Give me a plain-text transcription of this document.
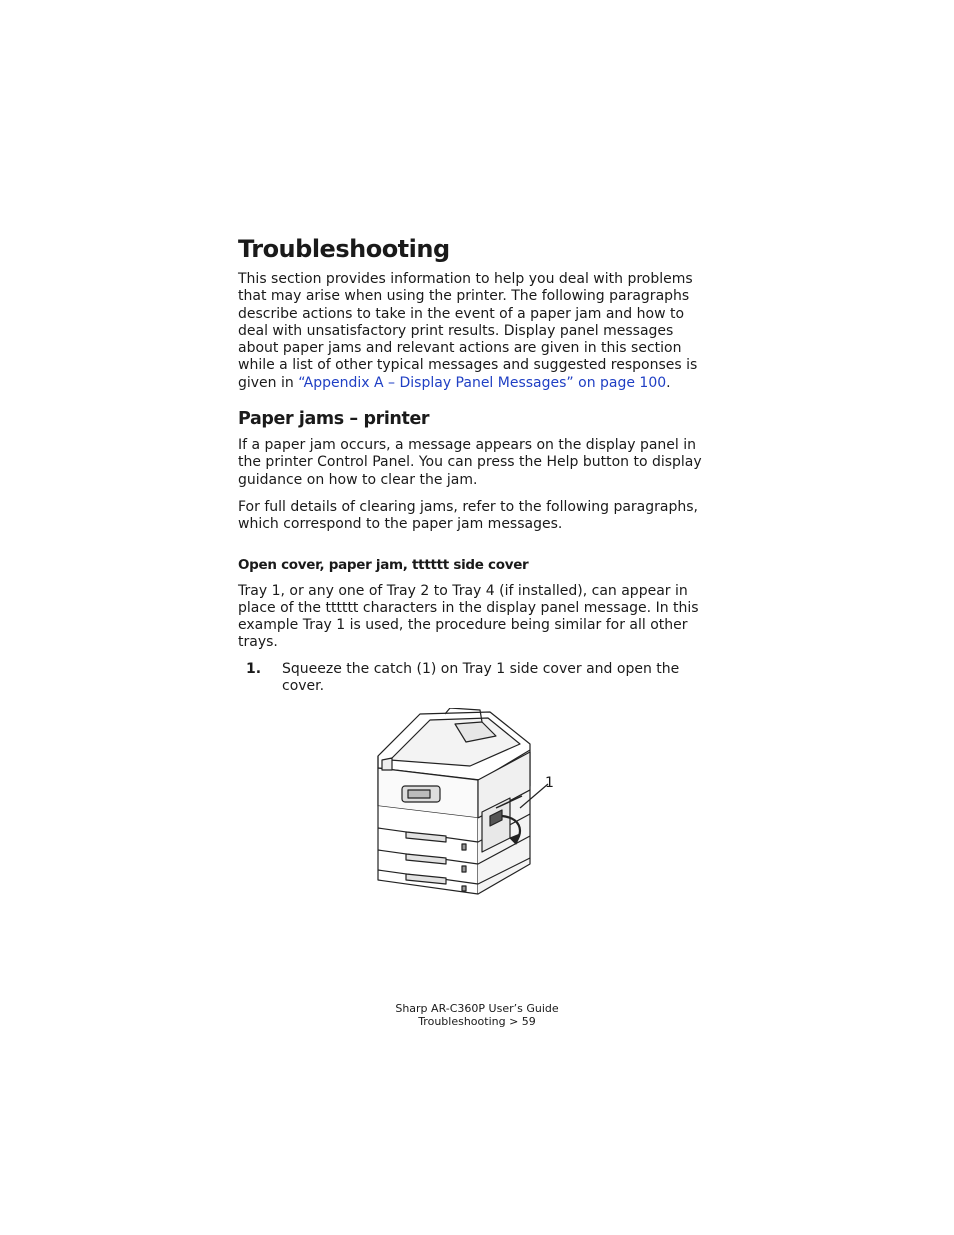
Troubleshooting

This section provides information to help you deal with problems that may arise when using the printer. The following paragraphs describe actions to take in the event of a paper jam and how to deal with unsatisfactory print results. Display panel messages about paper jams and relevant actions are given in this section while a list of other typical messages and suggested responses is given in “Appendix A – Display Panel Messages” on page 100.

Paper jams – printer

If a paper jam occurs, a message appears on the display panel in the printer Control Panel. You can press the Help button to display guidance on how to clear the jam.

For full details of clearing jams, refer to the following paragraphs, which correspond to the paper jam messages.

Open cover, paper jam, tttttt side cover

Tray 1, or any one of Tray 2 to Tray 4 (if installed), can appear in place of the tttttt characters in the display panel message. In this example Tray 1 is used, the procedure being similar for all other trays.

1.	Squeeze the catch (1) on Tray 1 side cover and open the cover.
1
Sharp AR-C360P User’s Guide
Troubleshooting > 59
